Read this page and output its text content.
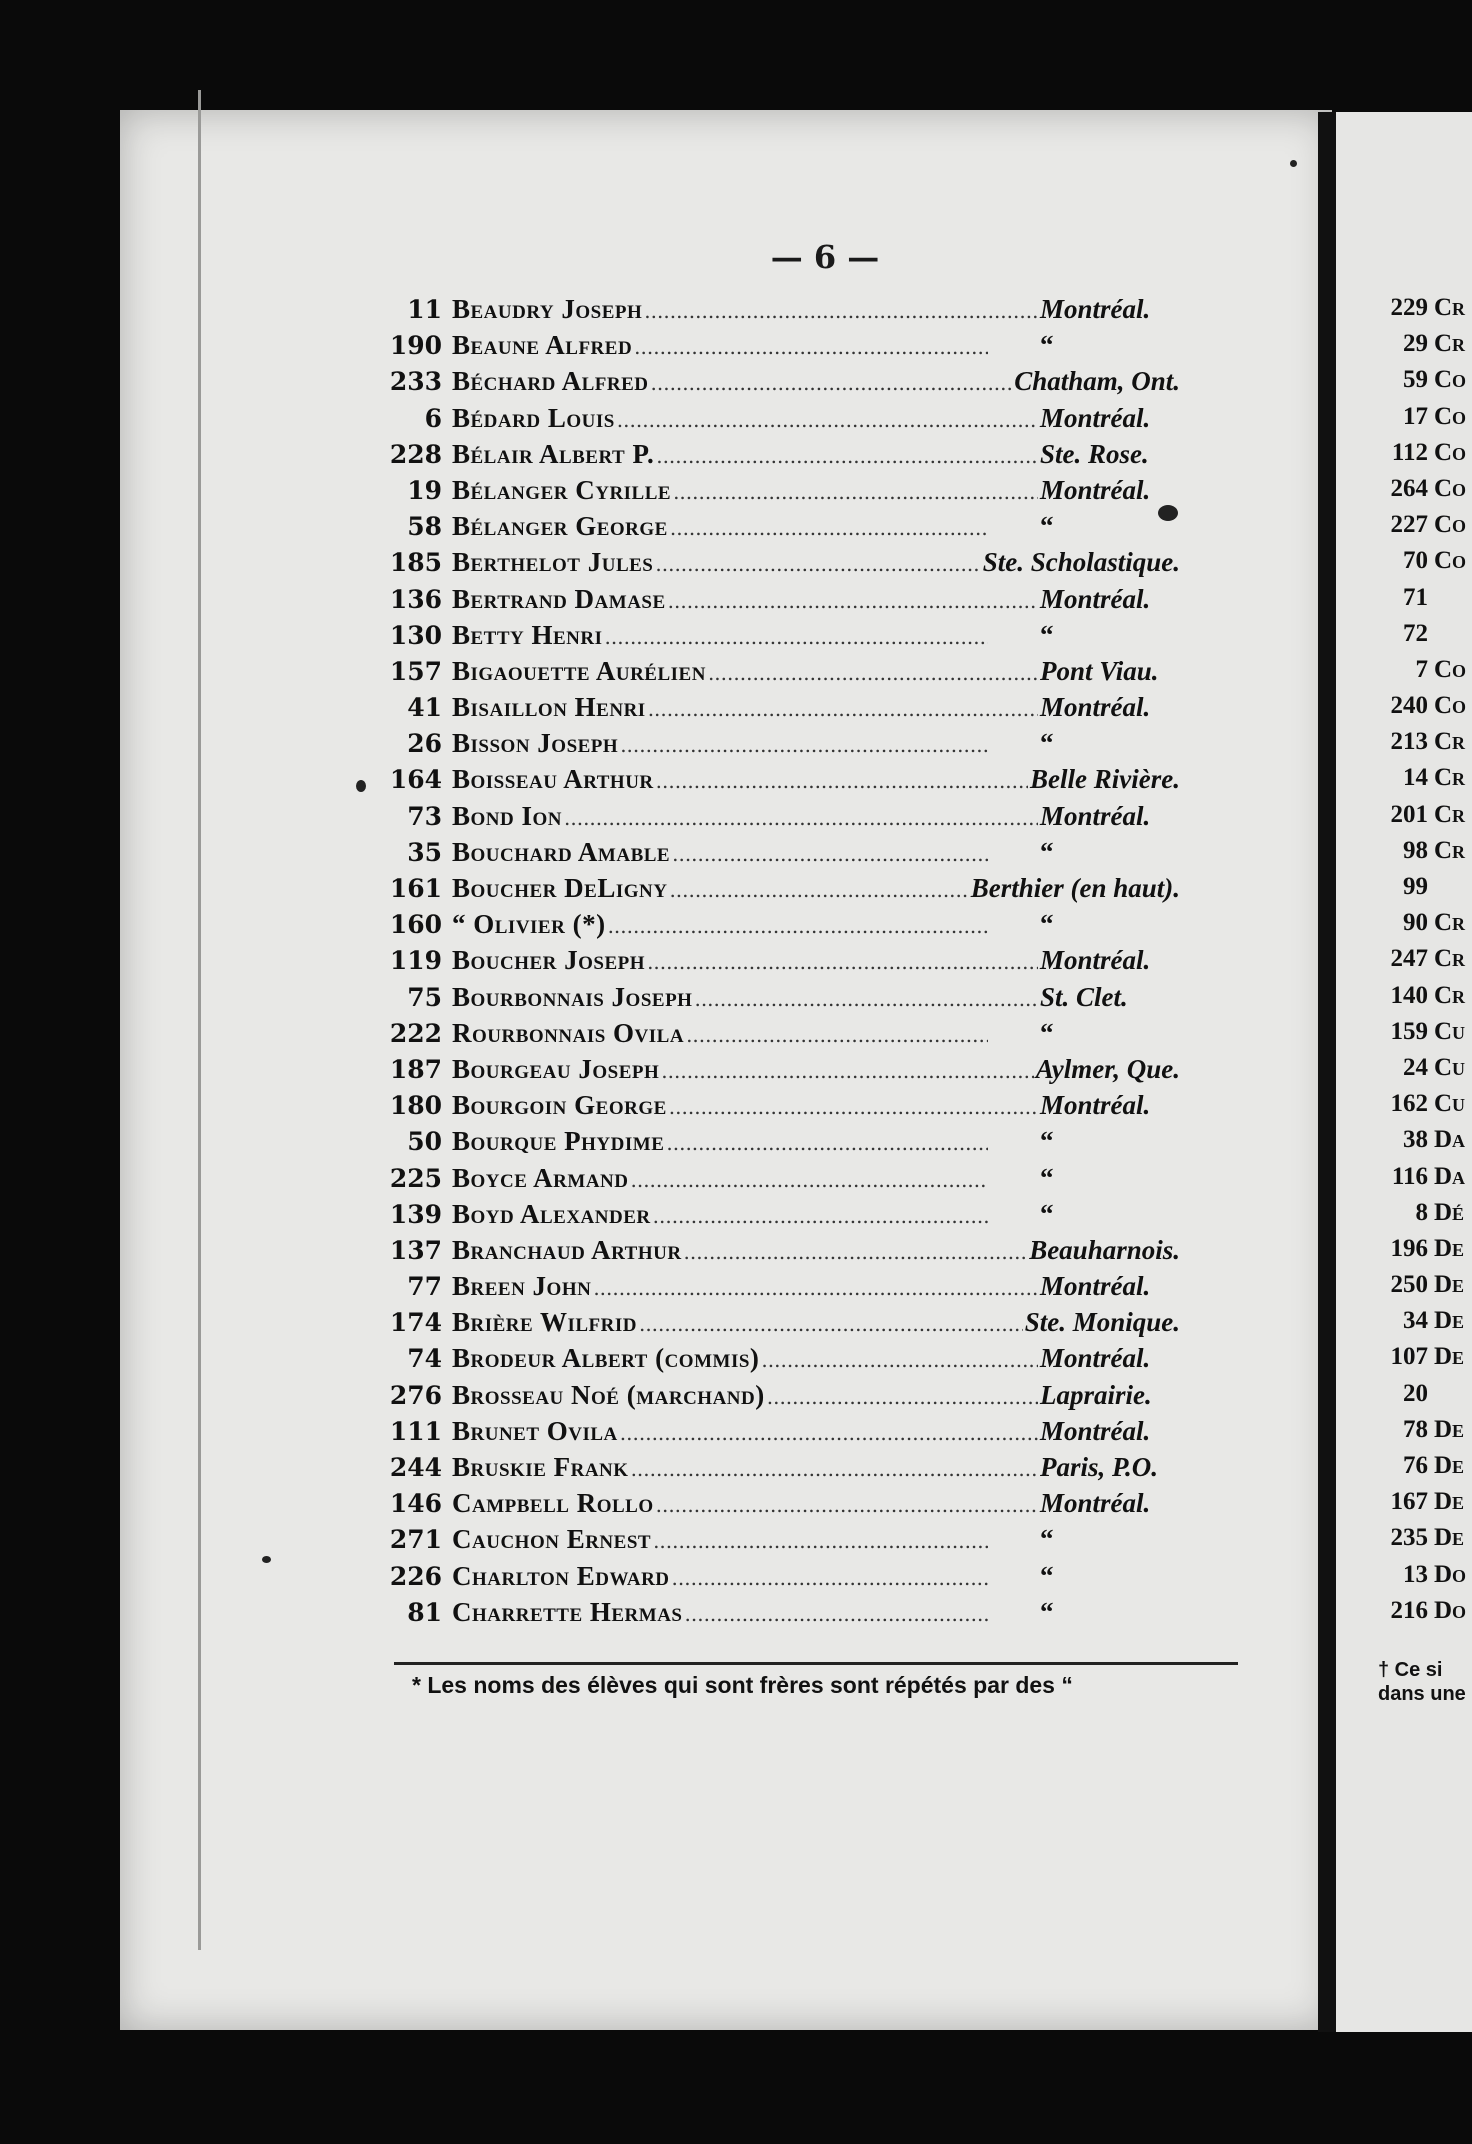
— 6 —
11 Beaudry Joseph .....	Montréal.
190 Beaune Alfred .....	“
233 Béchard Alfred .....	Chatham, Ont.
6 Bédard Louis .....	Montréal.
228 Bélair Albert P. .....	Ste. Rose.
19 Bélanger Cyrille .....	Montréal.
58 Bélanger George .....	“
185 Berthelot Jules .....	Ste. Scholastique.
136 Bertrand Damase .....	Montréal.
130 Betty Henri .....	“
157 Bigaouette Aurélien .....	Pont Viau.
41 Bisaillon Henri .....	Montréal.
26 Bisson Joseph .....	“
164 Boisseau Arthur .....	Belle Rivière.
73 Bond Ion .....	Montréal.
35 Bouchard Amable .....	“
161 Boucher DeLigny .....	Berthier (en haut).
160 “ Olivier (*) .....	“
119 Boucher Joseph .....	Montréal.
75 Bourbonnais Joseph .....	St. Clet.
222 Rourbonnais Ovila .....	“
187 Bourgeau Joseph .....	Aylmer, Que.
180 Bourgoin George .....	Montréal.
50 Bourque Phydime .....	“
225 Boyce Armand .....	“
139 Boyd Alexander .....	“
137 Branchaud Arthur .....	Beauharnois.
77 Breen John .....	Montréal.
174 Brière Wilfrid .....	Ste. Monique.
74 Brodeur Albert (commis) .....	Montréal.
276 Brosseau Noé (marchand) .....	Laprairie.
111 Brunet Ovila .....	Montréal.
244 Bruskie Frank .....	Paris, P.O.
146 Campbell Rollo .....	Montréal.
271 Cauchon Ernest .....	“
226 Charlton Edward .....	“
81 Charrette Hermas .....	“
* Les noms des élèves qui sont frères sont répétés par des “
229 Cr
29 Cr
59 Co
17 Co
112 Co
264 Co
227 Co
70 Co
71
72
7 Co
240 Co
213 Cr
14 Cr
201 Cr
98 Cr
99
90 Cr
247 Cr
140 Cr
159 Cu
24 Cu
162 Cu
38 Da
116 Da
8 Dé
196 De
250 De
34 De
107 De
20
78 De
76 De
167 De
235 De
13 Do
216 Do
† Ce si
dans une
